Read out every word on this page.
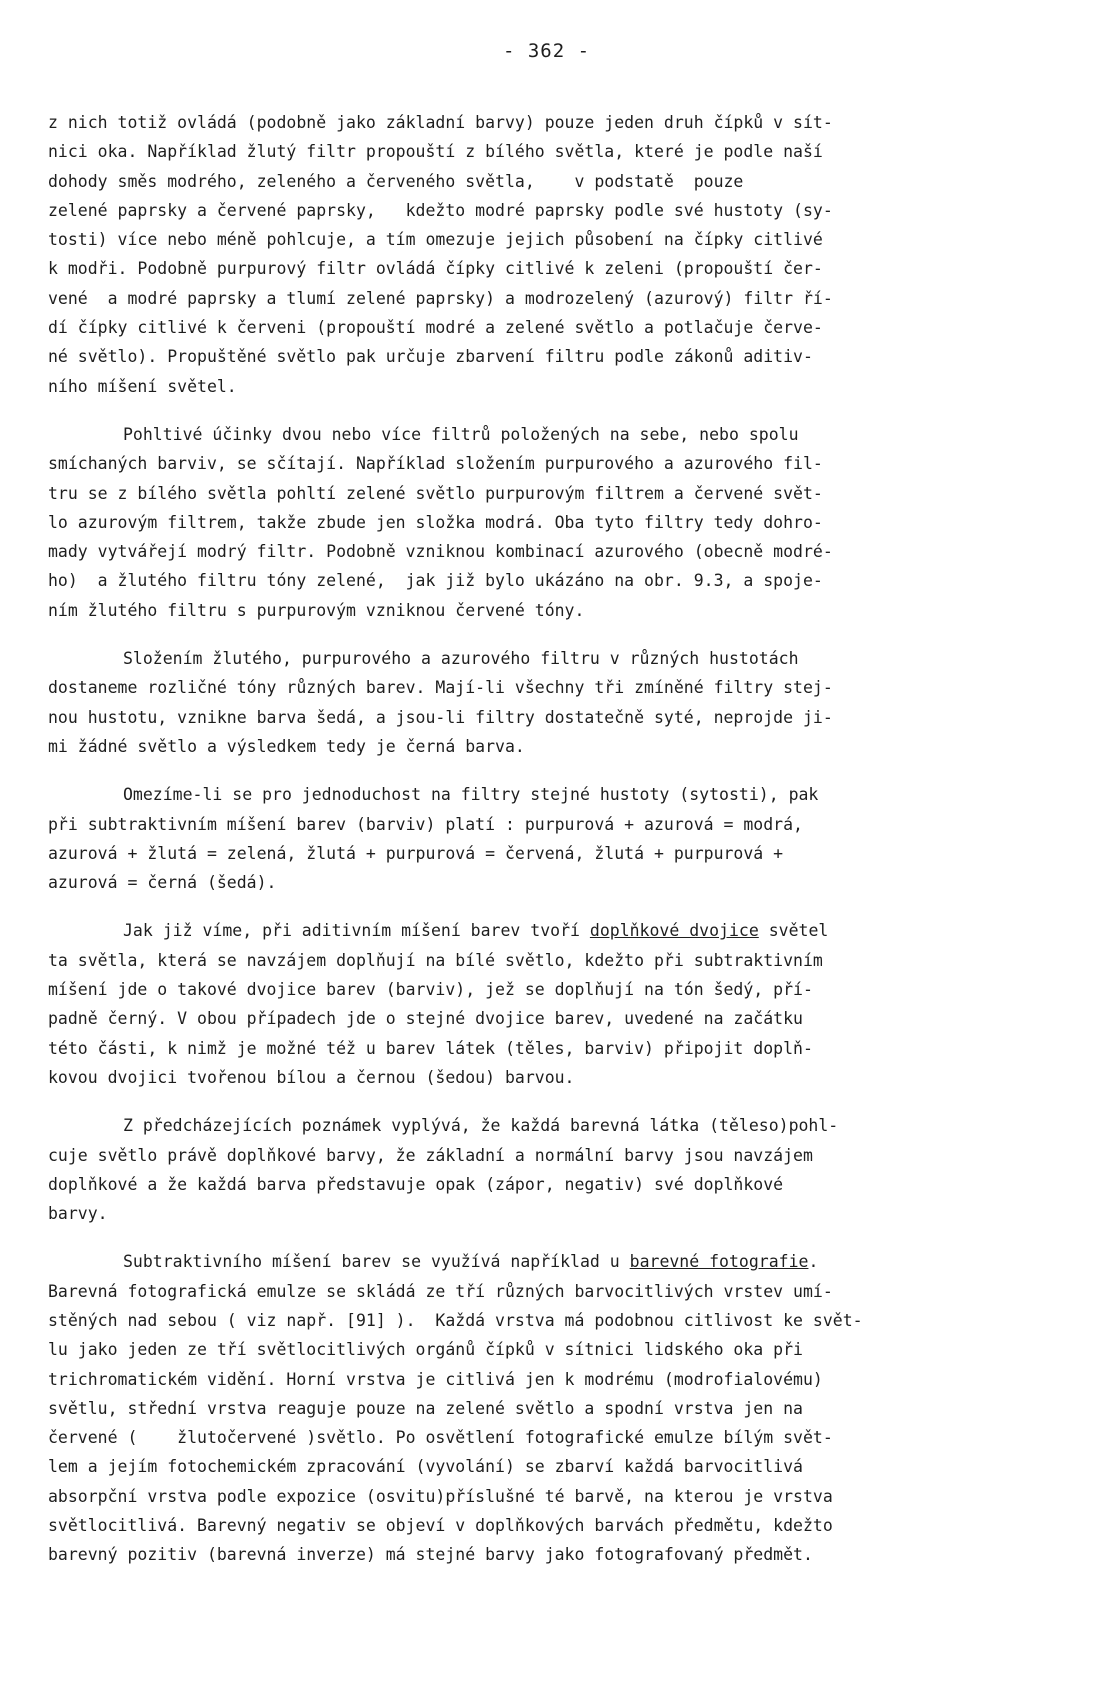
- 362 -
z nich totiž ovládá (podobně jako základní barvy) pouze jeden druh čípků v sít-
nici oka. Například žlutý filtr propouští z bílého světla, které je podle naší
dohody směs modrého, zeleného a červeného světla,    v podstatě  pouze
zelené paprsky a červené paprsky,   kdežto modré paprsky podle své hustoty (sy-
tosti) více nebo méně pohlcuje, a tím omezuje jejich působení na čípky citlivé
k modři. Podobně purpurový filtr ovládá čípky citlivé k zeleni (propouští čer-
vené  a modré paprsky a tlumí zelené paprsky) a modrozelený (azurový) filtr ří-
dí čípky citlivé k červeni (propouští modré a zelené světlo a potlačuje červe-
né světlo). Propuštěné světlo pak určuje zbarvení filtru podle zákonů aditiv-
ního míšení světel.
Pohltivé účinky dvou nebo více filtrů položených na sebe, nebo spolu
smíchaných barviv, se sčítají. Například složením purpurového a azurového fil-
tru se z bílého světla pohltí zelené světlo purpurovým filtrem a červené svět-
lo azurovým filtrem, takže zbude jen složka modrá. Oba tyto filtry tedy dohro-
mady vytvářejí modrý filtr. Podobně vzniknou kombinací azurového (obecně modré-
ho)  a žlutého filtru tóny zelené,  jak již bylo ukázáno na obr. 9.3, a spoje-
ním žlutého filtru s purpurovým vzniknou červené tóny.
Složením žlutého, purpurového a azurového filtru v různých hustotách
dostaneme rozličné tóny různých barev. Mají-li všechny tři zmíněné filtry stej-
nou hustotu, vznikne barva šedá, a jsou-li filtry dostatečně syté, neprojde ji-
mi žádné světlo a výsledkem tedy je černá barva.
Omezíme-li se pro jednoduchost na filtry stejné hustoty (sytosti), pak
při subtraktivním míšení barev (barviv) platí : purpurová + azurová = modrá,
azurová + žlutá = zelená, žlutá + purpurová = červená, žlutá + purpurová +
azurová = černá (šedá).
Jak již víme, při aditivním míšení barev tvoří doplňkové dvojice světel
ta světla, která se navzájem doplňují na bílé světlo, kdežto při subtraktivním
míšení jde o takové dvojice barev (barviv), jež se doplňují na tón šedý, pří-
padně černý. V obou případech jde o stejné dvojice barev, uvedené na začátku
této části, k nimž je možné též u barev látek (těles, barviv) připojit doplň-
kovou dvojici tvořenou bílou a černou (šedou) barvou.
Z předcházejících poznámek vyplývá, že každá barevná látka (těleso)pohl-
cuje světlo právě doplňkové barvy, že základní a normální barvy jsou navzájem
doplňkové a že každá barva představuje opak (zápor, negativ) své doplňkové
barvy.
Subtraktivního míšení barev se využívá například u barevné fotografie.
Barevná fotografická emulze se skládá ze tří různých barvocitlivých vrstev umí-
stěných nad sebou ( viz např. [91] ).  Každá vrstva má podobnou citlivost ke svět-
lu jako jeden ze tří světlocitlivých orgánů čípků v sítnici lidského oka při
trichromatickém vidění. Horní vrstva je citlivá jen k modrému (modrofialovému)
světlu, střední vrstva reaguje pouze na zelené světlo a spodní vrstva jen na
červené (    žlutočervené )světlo. Po osvětlení fotografické emulze bílým svět-
lem a jejím fotochemickém zpracování (vyvolání) se zbarví každá barvocitlivá
absorpční vrstva podle expozice (osvitu)příslušné té barvě, na kterou je vrstva
světlocitlivá. Barevný negativ se objeví v doplňkových barvách předmětu, kdežto
barevný pozitiv (barevná inverze) má stejné barvy jako fotografovaný předmět.
